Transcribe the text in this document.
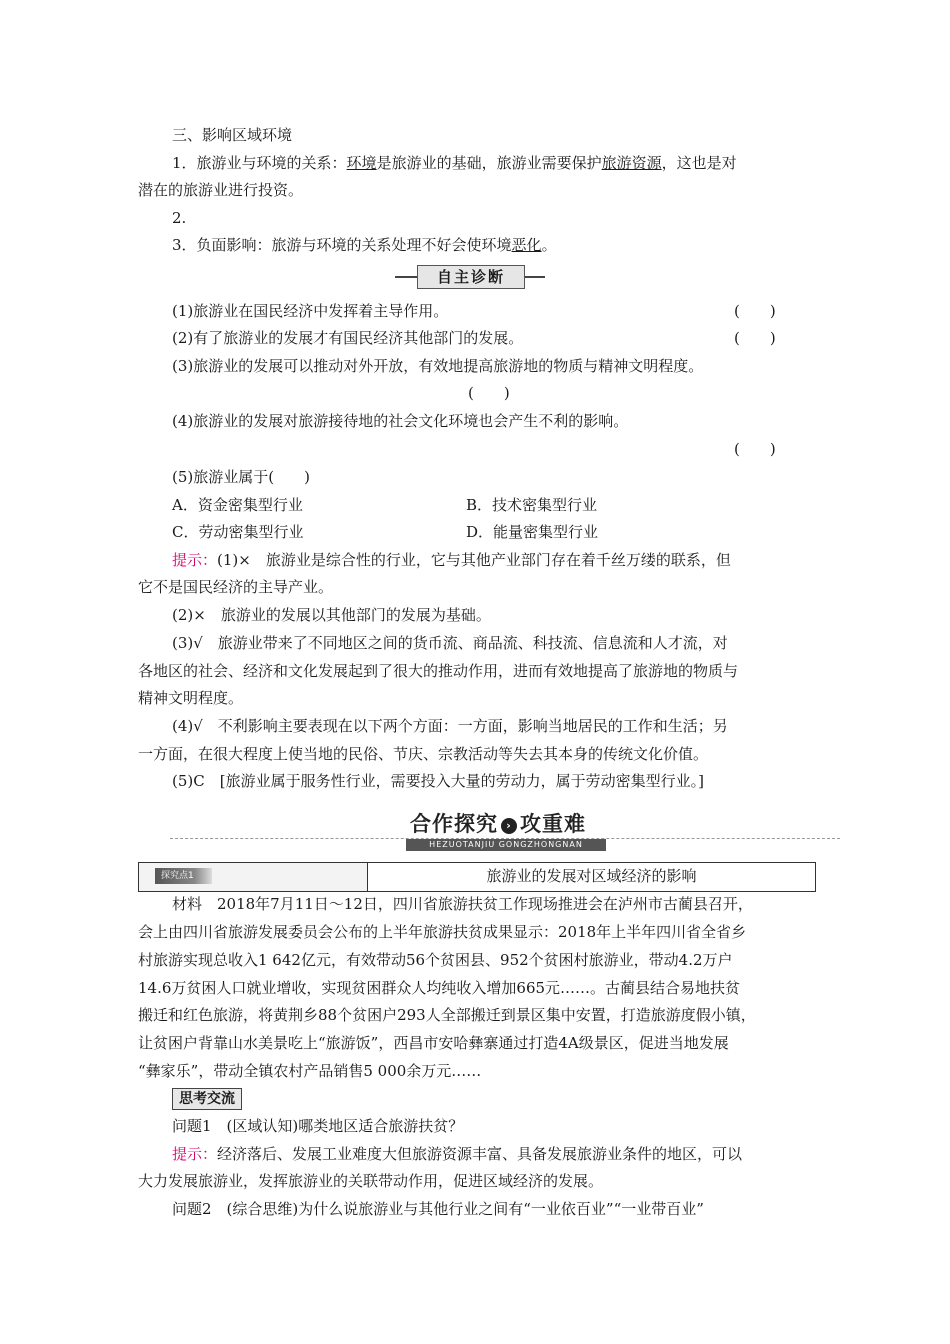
三、影响区域环境
1．旅游业与环境的关系：环境是旅游业的基础，旅游业需要保护旅游资源，这也是对
潜在的旅游业进行投资。
2.
3．负面影响：旅游与环境的关系处理不好会使环境恶化。
自主诊断
(1)旅游业在国民经济中发挥着主导作用。	(　　)
(2)有了旅游业的发展才有国民经济其他部门的发展。	(　　)
(3)旅游业的发展可以推动对外开放，有效地提高旅游地的物质与精神文明程度。
(　　)
(4)旅游业的发展对旅游接待地的社会文化环境也会产生不利的影响。
(　　)
(5)旅游业属于(　　)
A．资金密集型行业	B．技术密集型行业
C．劳动密集型行业	D．能量密集型行业
提示：(1)×　旅游业是综合性的行业，它与其他产业部门存在着千丝万缕的联系，但
它不是国民经济的主导产业。
(2)×　旅游业的发展以其他部门的发展为基础。
(3)√　旅游业带来了不同地区之间的货币流、商品流、科技流、信息流和人才流，对
各地区的社会、经济和文化发展起到了很大的推动作用，进而有效地提高了旅游地的物质与
精神文明程度。
(4)√　不利影响主要表现在以下两个方面：一方面，影响当地居民的工作和生活；另
一方面，在很大程度上使当地的民俗、节庆、宗教活动等失去其本身的传统文化价值。
(5)C　[旅游业属于服务性行业，需要投入大量的劳动力，属于劳动密集型行业。]
合作探究 › 攻重难
HEZUOTANJIU GONGZHONGNAN
探究点1	旅游业的发展对区域经济的影响
材料　2018年7月11日～12日，四川省旅游扶贫工作现场推进会在泸州市古蔺县召开，
会上由四川省旅游发展委员会公布的上半年旅游扶贫成果显示：2018年上半年四川省全省乡
村旅游实现总收入1 642亿元，有效带动56个贫困县、952个贫困村旅游业，带动4.2万户
14.6万贫困人口就业增收，实现贫困群众人均纯收入增加665元……。古蔺县结合易地扶贫
搬迁和红色旅游，将黄荆乡88个贫困户293人全部搬迁到景区集中安置，打造旅游度假小镇，
让贫困户背靠山水美景吃上“旅游饭”，西昌市安哈彝寨通过打造4A级景区，促进当地发展
“彝家乐”，带动全镇农村产品销售5 000余万元……
思考交流
问题1　(区域认知)哪类地区适合旅游扶贫？
提示：经济落后、发展工业难度大但旅游资源丰富、具备发展旅游业条件的地区，可以
大力发展旅游业，发挥旅游业的关联带动作用，促进区域经济的发展。
问题2　(综合思维)为什么说旅游业与其他行业之间有“一业依百业”“一业带百业”
